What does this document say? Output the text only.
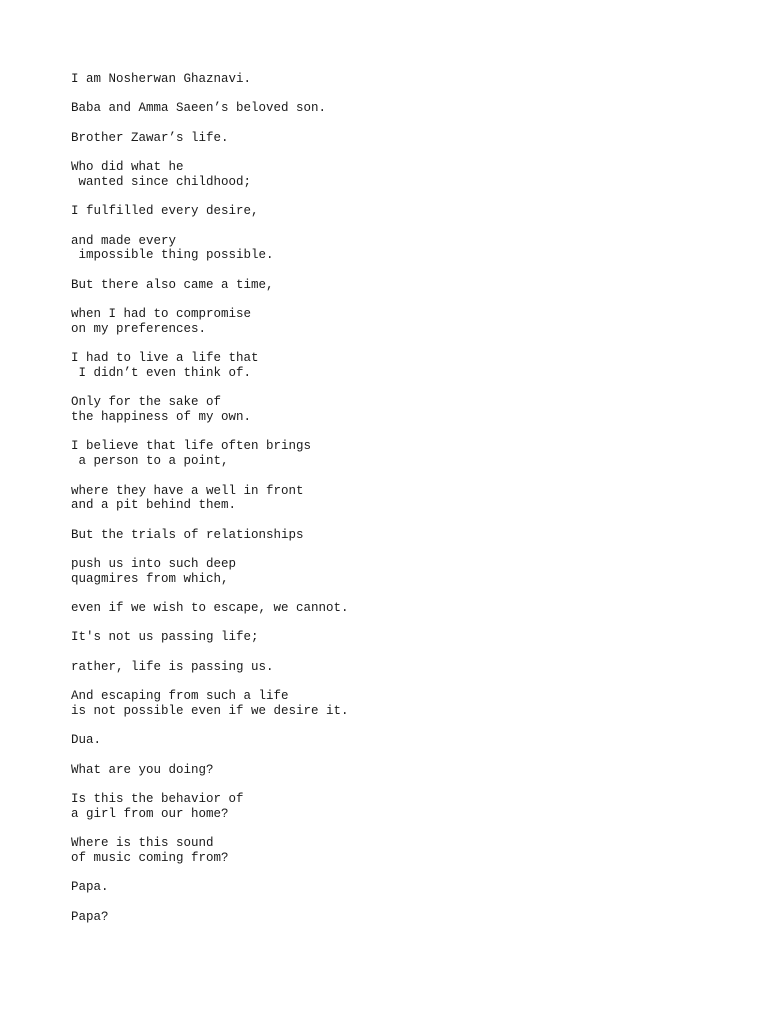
I am Nosherwan Ghaznavi.
Baba and Amma Saeen’s beloved son.
Brother Zawar’s life.
Who did what he
wanted since childhood;
I fulfilled every desire,
and made every
impossible thing possible.
But there also came a time,
when I had to compromise
on my preferences.
I had to live a life that
I didn’t even think of.
Only for the sake of
the happiness of my own.
I believe that life often brings
a person to a point,
where they have a well in front
and a pit behind them.
But the trials of relationships
push us into such deep
quagmires from which,
even if we wish to escape, we cannot.
It's not us passing life;
rather, life is passing us.
And escaping from such a life
is not possible even if we desire it.
Dua.
What are you doing?
Is this the behavior of
a girl from our home?
Where is this sound
of music coming from?
Papa.
Papa?
